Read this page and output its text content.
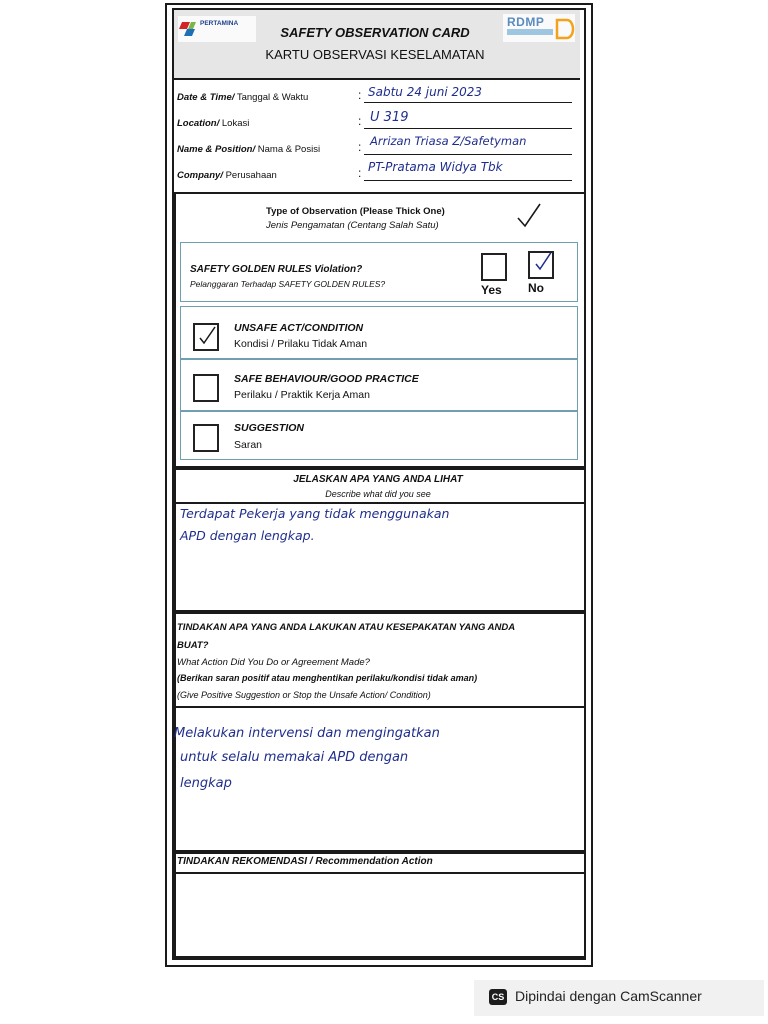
PERTAMINA	RDMP
SAFETY OBSERVATION CARD
KARTU OBSERVASI KESELAMATAN
Date & Time/ Tanggal & Waktu	: Sabtu 24 juni 2023
Location/ Lokasi	: U 319
Name & Position/ Nama & Posisi	: Arrizan Triasa Z/Safetyman
Company/ Perusahaan	: PT-Pratama Widya Tbk
Type of Observation (Please Thick One)
Jenis Pengamatan (Centang Salah Satu)
SAFETY GOLDEN RULES Violation?
Pelanggaran Terhadap SAFETY GOLDEN RULES?	Yes No
UNSAFE ACT/CONDITION
Kondisi / Prilaku Tidak Aman
SAFE BEHAVIOUR/GOOD PRACTICE
Perilaku / Praktik Kerja Aman
SUGGESTION
Saran
JELASKAN APA YANG ANDA LIHAT
Describe what did you see
Terdapat Pekerja yang tidak menggunakan
APD dengan lengkap.
TINDAKAN APA YANG ANDA LAKUKAN ATAU KESEPAKATAN YANG ANDA
BUAT?
What Action Did You Do or Agreement Made?
(Berikan saran positif atau menghentikan perilaku/kondisi tidak aman)
(Give Positive Suggestion or Stop the Unsafe Action/ Condition)
Melakukan intervensi dan mengingatkan
untuk selalu memakai APD dengan
lengkap
TINDAKAN REKOMENDASI / Recommendation Action
CS Dipindai dengan CamScanner
